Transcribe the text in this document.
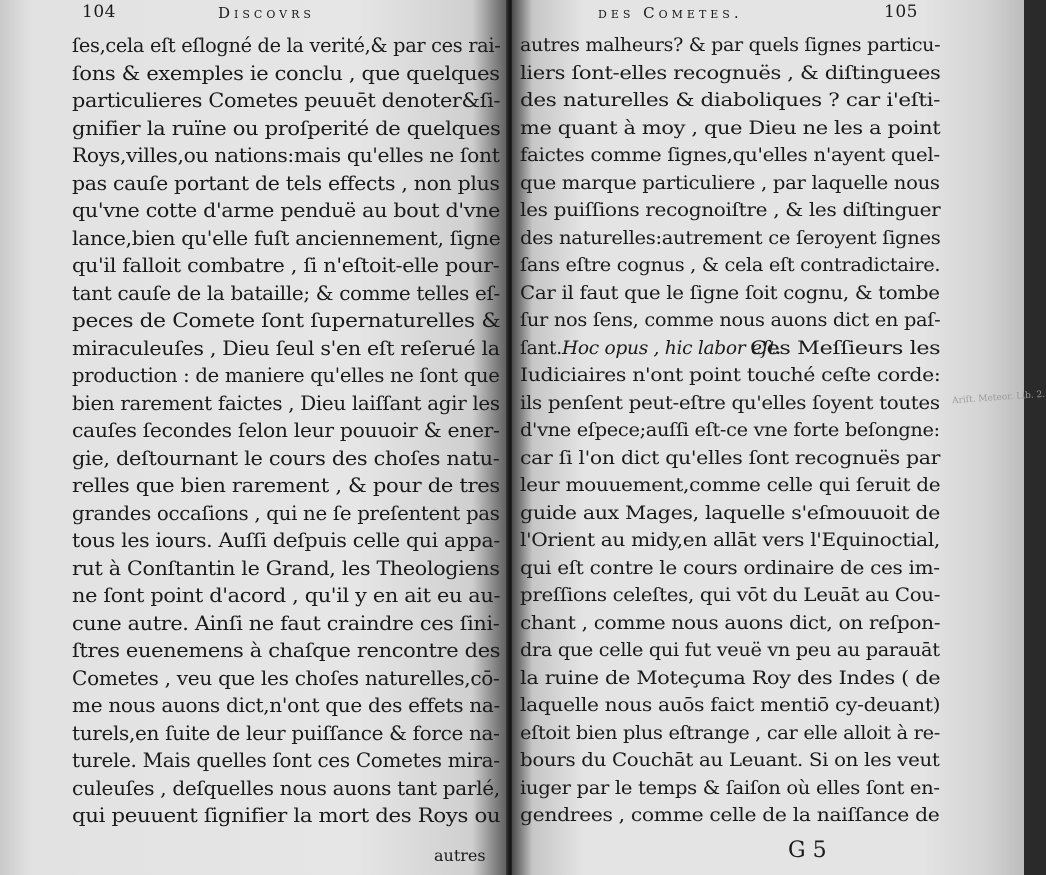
104	Discovrs
ſes,cela eſt eſlogné de la verité,& par ces rai-
ſons & exemples ie conclu , que quelques
particulieres Cometes peuuēt denoter&ſi-
gnifier la ruïne ou proſperité de quelques
Roys,villes,ou nations:mais qu'elles ne ſont
pas cauſe portant de tels effects , non plus
qu'vne cotte d'arme penduë au bout d'vne
lance,bien qu'elle fuſt anciennement, ſigne
qu'il falloit combatre , ſi n'eſtoit-elle pour-
tant cauſe de la bataille; & comme telles eſ-
peces de Comete ſont ſupernaturelles &
miraculeuſes , Dieu ſeul s'en eſt reſerué la
production : de maniere qu'elles ne ſont que
bien rarement faictes , Dieu laiſſant agir les
cauſes ſecondes ſelon leur pouuoir & ener-
gie, deſtournant le cours des choſes natu-
relles que bien rarement , & pour de tres
grandes occaſions , qui ne ſe preſentent pas
tous les iours. Auſſi deſpuis celle qui appa-
rut à Conſtantin le Grand, les Theologiens
ne ſont point d'acord , qu'il y en ait eu au-
cune autre. Ainſi ne faut craindre ces ſini-
ſtres euenemens à chaſque rencontre des
Cometes , veu que les choſes naturelles,cō-
me nous auons dict,n'ont que des effets na-
turels,en ſuite de leur puiſſance & force na-
turele. Mais quelles ſont ces Cometes mira-
culeuſes , deſquelles nous auons tant parlé,
qui peuuent ſignifier la mort des Roys ou
autres
des Cometes.	105
autres malheurs? & par quels ſignes particu-
liers ſont-elles recognuës , & diſtinguees
des naturelles & diaboliques ? car i'eſti-
me quant à moy , que Dieu ne les a point
faictes comme ſignes,qu'elles n'ayent quel-
que marque particuliere , par laquelle nous
les puiſſions recognoiſtre , & les diſtinguer
des naturelles:autrement ce ſeroyent ſignes
ſans eſtre cognus , & cela eſt contradictaire.
Car il faut que le ſigne ſoit cognu, & tombe
ſur nos ſens, comme nous auons dict en paſ-
ſant.	Ces Meſſieurs les
Iudiciaires n'ont point touché ceſte corde:
ils penſent peut-eſtre qu'elles ſoyent toutes
d'vne eſpece;auſſi eſt-ce vne forte beſongne:
car ſi l'on dict qu'elles ſont recognuës par
leur mouuement,comme celle qui ſeruit de
guide aux Mages, laquelle s'eſmouuoit de
l'Orient au midy,en allāt vers l'Equinoctial,
qui eſt contre le cours ordinaire de ces im-
preſſions celeſtes, qui vōt du Leuāt au Cou-
chant , comme nous auons dict, on reſpon-
dra que celle qui fut veuë vn peu au parauāt
la ruine de Moteçuma Roy des Indes ( de
laquelle nous auōs faict mentiō cy-deuant)
eſtoit bien plus eſtrange , car elle alloit à re-
bours du Couchāt au Leuant. Si on les veut
iuger par le temps & ſaiſon où elles ſont en-
gendrees , comme celle de la naiſſance de
Hoc opus , hic labor eſt.
Ariſt. Meteor. Lib. 2.
G 5
